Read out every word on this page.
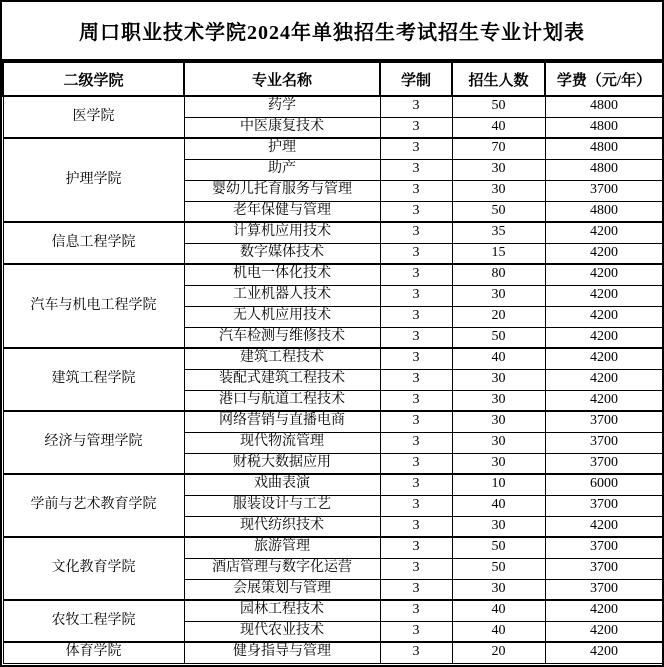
周口职业技术学院2024年单独招生考试招生专业计划表
二级学院	专业名称	学制	招生人数	学费（元/年）
医学院	药学	3	50	4800
	中医康复技术	3	40	4800
护理学院	护理	3	70	4800
	助产	3	30	4800
	婴幼儿托育服务与管理	3	30	3700
	老年保健与管理	3	50	4800
信息工程学院	计算机应用技术	3	35	4200
	数字媒体技术	3	15	4200
汽车与机电工程学院	机电一体化技术	3	80	4200
	工业机器人技术	3	30	4200
	无人机应用技术	3	20	4200
	汽车检测与维修技术	3	50	4200
建筑工程学院	建筑工程技术	3	40	4200
	装配式建筑工程技术	3	30	4200
	港口与航道工程技术	3	30	4200
经济与管理学院	网络营销与直播电商	3	30	3700
	现代物流管理	3	30	3700
	财税大数据应用	3	30	3700
学前与艺术教育学院	戏曲表演	3	10	6000
	服装设计与工艺	3	40	3700
	现代纺织技术	3	30	4200
文化教育学院	旅游管理	3	50	3700
	酒店管理与数字化运营	3	50	3700
	会展策划与管理	3	30	3700
农牧工程学院	园林工程技术	3	40	4200
	现代农业技术	3	40	4200
体育学院	健身指导与管理	3	20	4200
